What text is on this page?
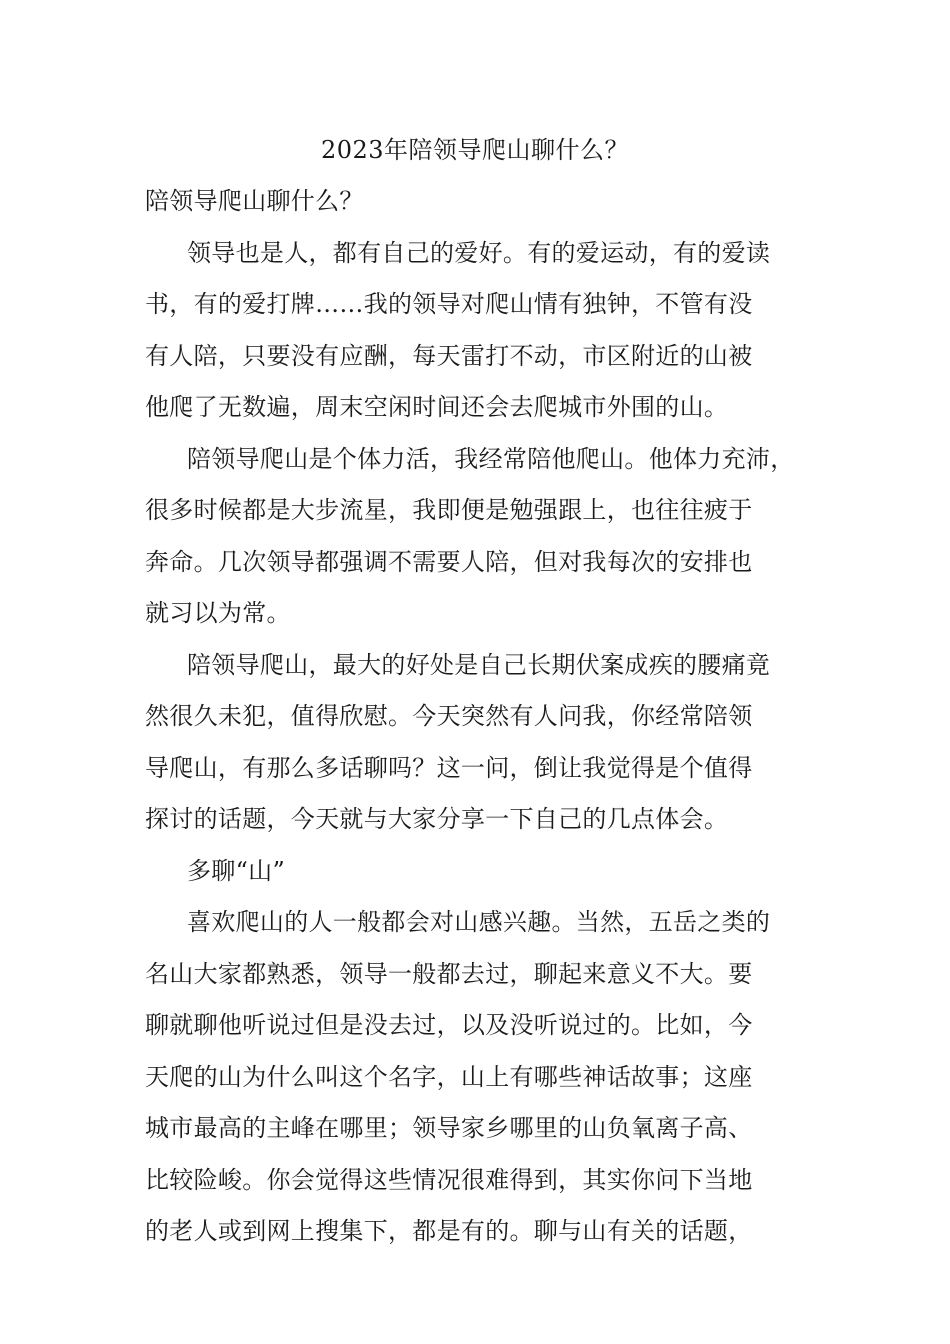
2023年陪领导爬山聊什么？
陪领导爬山聊什么？
领导也是人，都有自己的爱好。有的爱运动，有的爱读
书，有的爱打牌……我的领导对爬山情有独钟，不管有没
有人陪，只要没有应酬，每天雷打不动，市区附近的山被
他爬了无数遍，周末空闲时间还会去爬城市外围的山。
陪领导爬山是个体力活，我经常陪他爬山。他体力充沛，
很多时候都是大步流星，我即便是勉强跟上，也往往疲于
奔命。几次领导都强调不需要人陪，但对我每次的安排也
就习以为常。
陪领导爬山，最大的好处是自己长期伏案成疾的腰痛竟
然很久未犯，值得欣慰。今天突然有人问我，你经常陪领
导爬山，有那么多话聊吗？这一问，倒让我觉得是个值得
探讨的话题，今天就与大家分享一下自己的几点体会。
多聊“山”
喜欢爬山的人一般都会对山感兴趣。当然，五岳之类的
名山大家都熟悉，领导一般都去过，聊起来意义不大。要
聊就聊他听说过但是没去过，以及没听说过的。比如，今
天爬的山为什么叫这个名字，山上有哪些神话故事；这座
城市最高的主峰在哪里；领导家乡哪里的山负氧离子高、
比较险峻。你会觉得这些情况很难得到，其实你问下当地
的老人或到网上搜集下，都是有的。聊与山有关的话题，
